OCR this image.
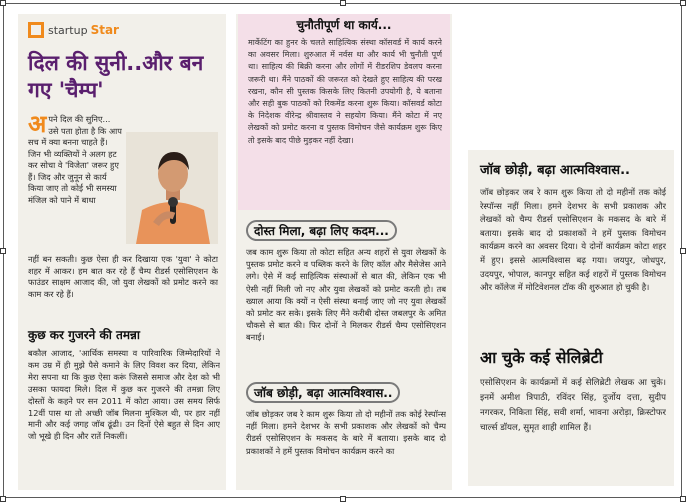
startup Star
दिल की सुनी..और बन गए 'चैम्प'
अ पने दिल की सुनिए... उसे पता होता है कि आप सच में क्या बनना चाहते हैं। जिन भी व्यक्तियों ने अलग हट कर सोचा वे 'विजेता' जरूर हुए हैं। जिद और जुनून से कार्य किया जाए तो कोई भी समस्या मंजिल को पाने में बाधा

नहीं बन सकती। कुछ ऐसा ही कर दिखाया एक 'युवा' ने कोटा शहर में आकर। हम बात कर रहे हैं चैम्प रीडर्स एसोसिएशन के फाउंडर साक्षम आजाद की, जो युवा लेखकों को प्रमोट करने का काम कर रहे हैं।

कुछ कर गुजरने की तमन्ना

बकौल आजाद, 'आर्थिक समस्या व पारिवारिक जिम्मेदारियों ने कम उम्र में ही मुझे पैसे कमाने के लिए विवश कर दिया, लेकिन मेरा सपना था कि कुछ ऐसा करूं जिससे समाज और देश को भी उसका फायदा मिले। दिल में कुछ कर गुजरने की तमन्ना लिए दोस्तों के कहने पर सन 2011 में कोटा आया। उस समय सिर्फ 12वीं पास था तो अच्छी जॉब मिलना मुश्किल थी, पर हार नहीं मानी और कई जगह जॉब ढूंढी। उन दिनों ऐसे बहुत से दिन आए जो भूखे ही दिन और रातें निकलीं।

चुनौतीपूर्ण था कार्य...

मार्केटिंग का हुनर के चलते साहित्यिक संस्था कॉसवर्ड में कार्य करने का अवसर मिला। शुरुआत में नर्वस था और कार्य भी चुनौती पूर्ण था। साहित्य की बिक्री करना और लोगों में रीडरशिप डेवलप करना जरूरी था। मैंने पाठकों की जरूरत को देखते हुए साहित्य की परख रखना, कौन सी पुस्तक किसके लिए कितनी उपयोगी है, ये बताना और सही बुक पाठकों को रिकमेंड करना शुरू किया। कॉसवर्ड कोटा के निदेशक वीरेन्द्र श्रीवास्तव ने सहयोग किया। मैंने कोटा में नए लेखकों को प्रमोट करना व पुस्तक विमोचन जैसे कार्यक्रम शुरू किए तो इसके बाद पीछे मुड़कर नहीं देखा।

दोस्त मिला, बढ़ा लिए कदम...

जब काम शुरू किया तो कोटा सहित अन्य शहरों से युवा लेखकों के पुस्तक प्रमोट करने व पब्लिक करने के लिए कॉल और मैसेजेस आने लगे। ऐसे में कई साहित्यिक संस्थाओं से बात की, लेकिन एक भी ऐसी नहीं मिली जो नए और युवा लेखकों को प्रमोट करती हो। तब ख्याल आया कि क्यों न ऐसी संस्था बनाई जाए जो नए युवा लेखकों को प्रमोट कर सके। इसके लिए मैंने करीबी दोस्त जबलपुर के अमित चौकसे से बात की। फिर दोनों ने मिलकर रीडर्स चैम्प एसोसिएशन बनाई।

जॉब छोड़ी, बढ़ा आत्मविश्वास..

जॉब छोड़कर जब रे काम शुरू किया तो दो महीनों तक कोई रेस्पॉन्स नहीं मिला। हमने देशभर के सभी प्रकाशक और लेखकों को चैम्प रीडर्स एसोसिएशन के मकसद के बारे में बताया। इसके बाद दो प्रकाशकों ने हमें पुस्तक विमोचन कार्यक्रम करने का

जॉब छोड़ी, बढ़ा आत्मविश्वास..

जॉब छोड़कर जब रे काम शुरू किया तो दो महीनों तक कोई रेस्पॉन्स नहीं मिला। हमने देशभर के सभी प्रकाशक और लेखकों को चैम्प रीडर्स एसोसिएशन के मकसद के बारे में बताया। इसके बाद दो प्रकाशकों ने हमें पुस्तक विमोचन कार्यक्रम करने का अवसर दिया। ये दोनों कार्यक्रम कोटा शहर में हुए। इससे आत्मविश्वास बढ़ गया। जयपुर, जोधपुर, उदयपुर, भोपाल, कानपुर सहित कई शहरों में पुस्तक विमोचन और कॉलेज में मोटिवेशनल टॉक की शुरुआत हो चुकी है।

आ चुके कई सेलिब्रेटी

एसोसिएशन के कार्यक्रमों में कई सेलिब्रेटी लेखक आ चुके। इनमें अमीश त्रिपाठी, रविंदर सिंह, दुर्जोय दत्ता, सुदीप नगरकर, निकिता सिंह, सवी शर्मा, भावना अरोड़ा, क्रिस्टोफर चार्ल्स डॉयल, सुमृत शाही शामिल हैं।
